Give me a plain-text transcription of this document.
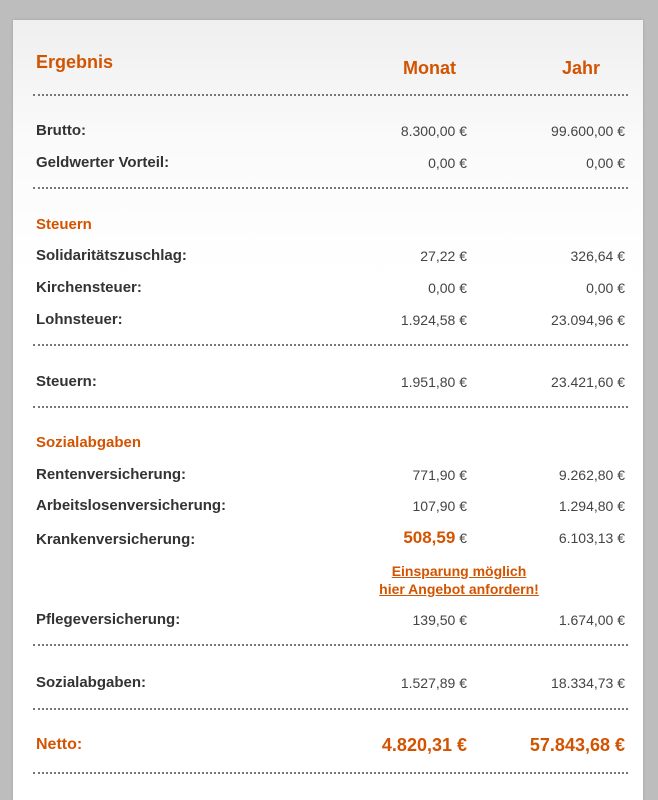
Ergebnis	Monat	Jahr
Brutto:	8.300,00 €	99.600,00 €
Geldwerter Vorteil:	0,00 €	0,00 €
Steuern
Solidaritätszuschlag:	27,22 €	326,64 €
Kirchensteuer:	0,00 €	0,00 €
Lohnsteuer:	1.924,58 €	23.094,96 €
Steuern:	1.951,80 €	23.421,60 €
Sozialabgaben
Rentenversicherung:	771,90 €	9.262,80 €
Arbeitslosenversicherung:	107,90 €	1.294,80 €
Krankenversicherung:	508,59 €	6.103,13 €
Einsparung möglich
hier Angebot anfordern!
Pflegeversicherung:	139,50 €	1.674,00 €
Sozialabgaben:	1.527,89 €	18.334,73 €
Netto:	4.820,31 €	57.843,68 €
